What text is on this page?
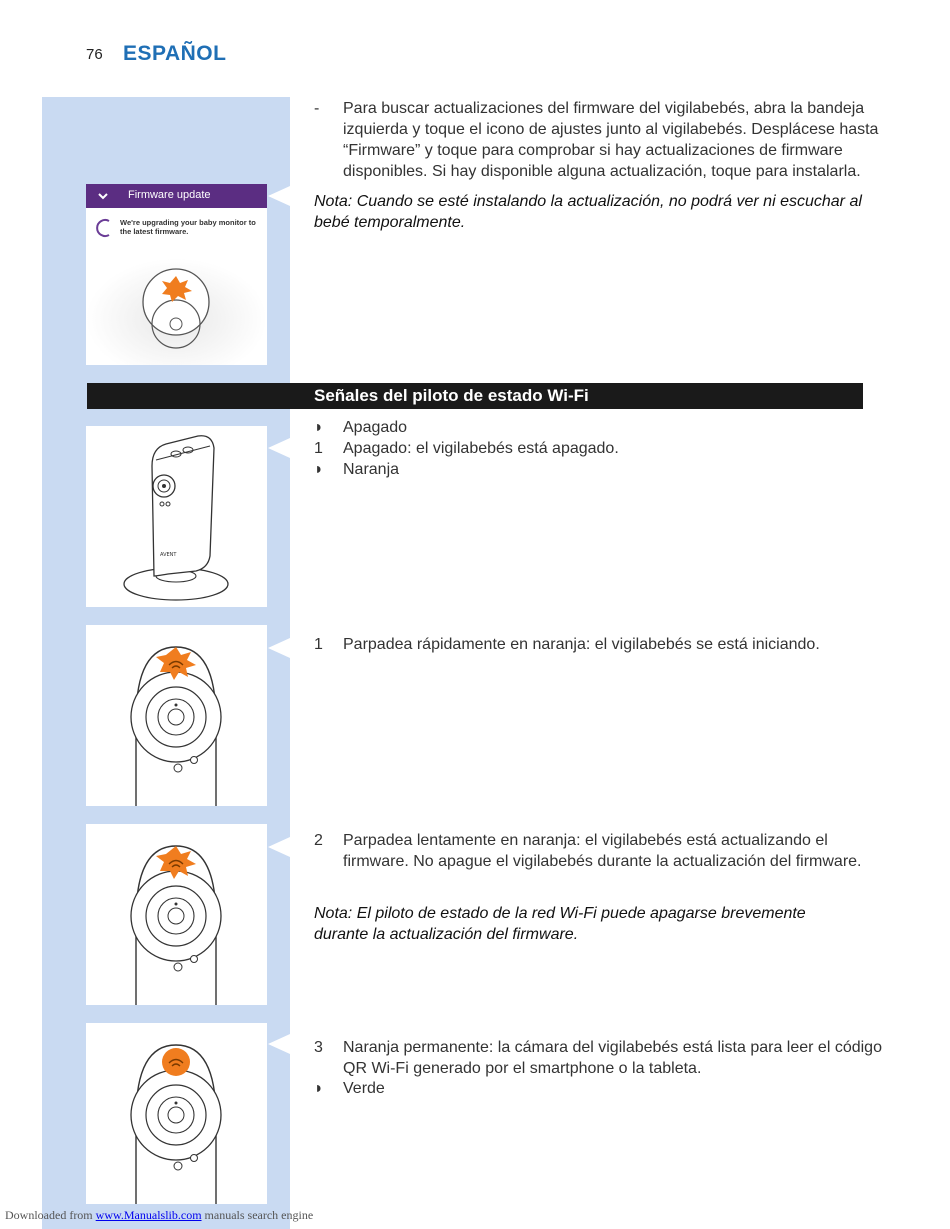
76 ESPAÑOL
Firmware update
We're upgrading your baby monitor to the latest firmware.
- Para buscar actualizaciones del firmware del vigilabebés, abra la bandeja izquierda y toque el icono de ajustes junto al vigilabebés. Desplácese hasta “Firmware” y toque para comprobar si hay actualizaciones de firmware disponibles. Si hay disponible alguna actualización, toque para instalarla.
Nota: Cuando se esté instalando la actualización, no podrá ver ni escuchar al bebé temporalmente.
Señales del piloto de estado Wi-Fi
AVENT
◗ Apagado
1 Apagado: el vigilabebés está apagado.
◗ Naranja
1 Parpadea rápidamente en naranja: el vigilabebés se está iniciando.
2 Parpadea lentamente en naranja: el vigilabebés está actualizando el firmware. No apague el vigilabebés durante la actualización del firmware.
Nota: El piloto de estado de la red Wi-Fi puede apagarse brevemente durante la actualización del firmware.
3 Naranja permanente: la cámara del vigilabebés está lista para leer el código QR Wi-Fi generado por el smartphone o la tableta.
◗ Verde
Downloaded from www.Manualslib.com manuals search engine
